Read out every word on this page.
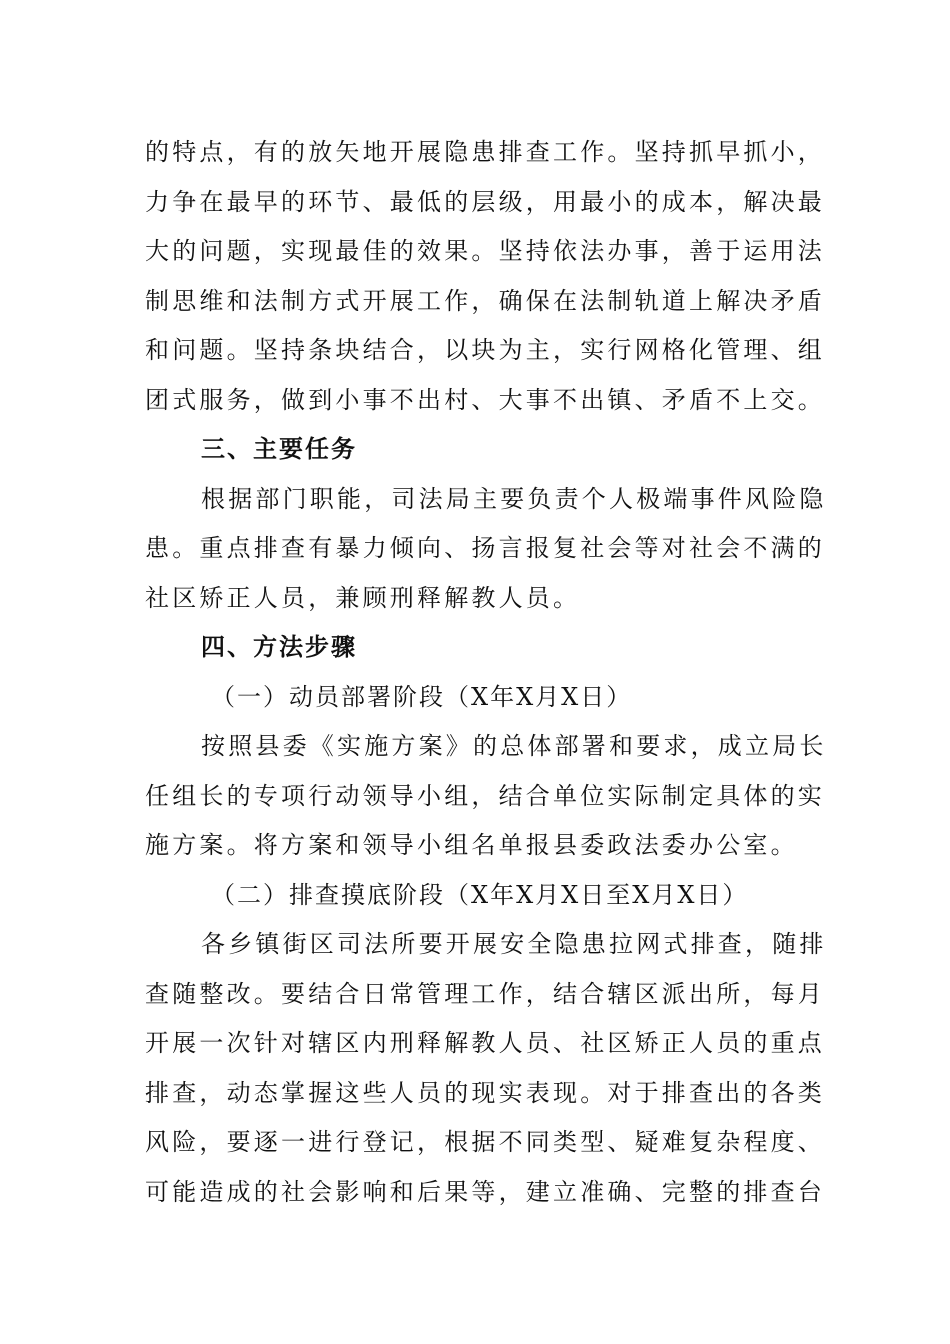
的特点，有的放矢地开展隐患排查工作。坚持抓早抓小，
力争在最早的环节、最低的层级，用最小的成本，解决最
大的问题，实现最佳的效果。坚持依法办事，善于运用法
制思维和法制方式开展工作，确保在法制轨道上解决矛盾
和问题。坚持条块结合，以块为主，实行网格化管理、组
团式服务，做到小事不出村、大事不出镇、矛盾不上交。
三、主要任务
根据部门职能，司法局主要负责个人极端事件风险隐
患。重点排查有暴力倾向、扬言报复社会等对社会不满的
社区矫正人员，兼顾刑释解教人员。
四、方法步骤
（一）动员部署阶段（X年X月X日）
按照县委《实施方案》的总体部署和要求，成立局长
任组长的专项行动领导小组，结合单位实际制定具体的实
施方案。将方案和领导小组名单报县委政法委办公室。
（二）排查摸底阶段（X年X月X日至X月X日）
各乡镇街区司法所要开展安全隐患拉网式排查，随排
查随整改。要结合日常管理工作，结合辖区派出所，每月
开展一次针对辖区内刑释解教人员、社区矫正人员的重点
排查，动态掌握这些人员的现实表现。对于排查出的各类
风险，要逐一进行登记，根据不同类型、疑难复杂程度、
可能造成的社会影响和后果等，建立准确、完整的排查台
